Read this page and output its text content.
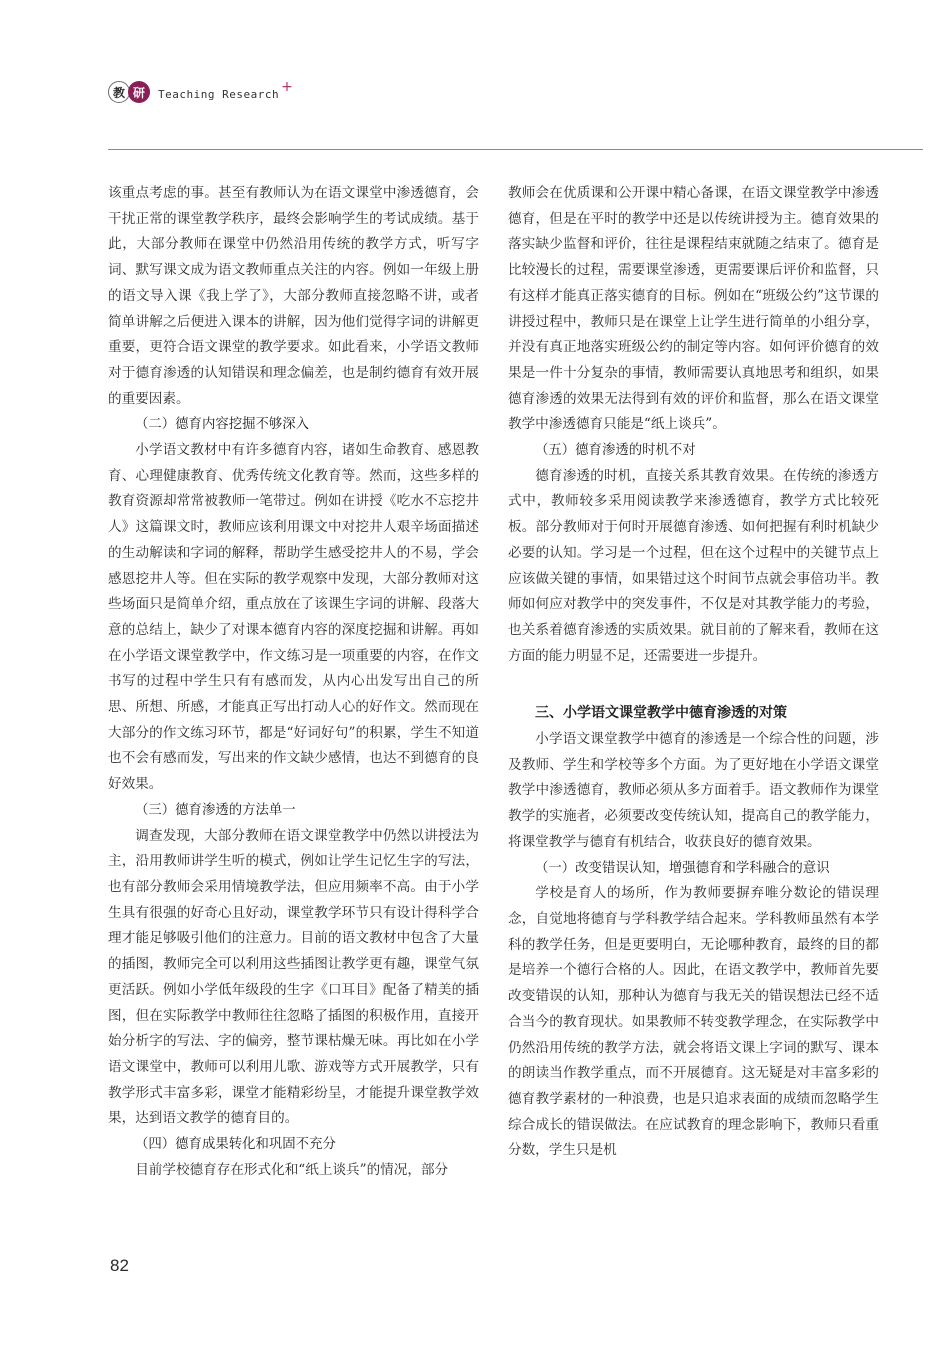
教 研	Teaching Research +

该重点考虑的事。甚至有教师认为在语文课堂中渗透德育，会干扰正常的课堂教学秩序，最终会影响学生的考试成绩。基于此，大部分教师在课堂中仍然沿用传统的教学方式，听写字词、默写课文成为语文教师重点关注的内容。例如一年级上册的语文导入课《我上学了》，大部分教师直接忽略不讲，或者简单讲解之后便进入课本的讲解，因为他们觉得字词的讲解更重要，更符合语文课堂的教学要求。如此看来，小学语文教师对于德育渗透的认知错误和理念偏差，也是制约德育有效开展的重要因素。

（二）德育内容挖掘不够深入

小学语文教材中有许多德育内容，诸如生命教育、感恩教育、心理健康教育、优秀传统文化教育等。然而，这些多样的教育资源却常常被教师一笔带过。例如在讲授《吃水不忘挖井人》这篇课文时，教师应该利用课文中对挖井人艰辛场面描述的生动解读和字词的解释，帮助学生感受挖井人的不易，学会感恩挖井人等。但在实际的教学观察中发现，大部分教师对这些场面只是简单介绍，重点放在了该课生字词的讲解、段落大意的总结上，缺少了对课本德育内容的深度挖掘和讲解。再如在小学语文课堂教学中，作文练习是一项重要的内容，在作文书写的过程中学生只有有感而发，从内心出发写出自己的所思、所想、所感，才能真正写出打动人心的好作文。然而现在大部分的作文练习环节，都是“好词好句”的积累，学生不知道也不会有感而发，写出来的作文缺少感情，也达不到德育的良好效果。

（三）德育渗透的方法单一

调查发现，大部分教师在语文课堂教学中仍然以讲授法为主，沿用教师讲学生听的模式，例如让学生记忆生字的写法，也有部分教师会采用情境教学法，但应用频率不高。由于小学生具有很强的好奇心且好动，课堂教学环节只有设计得科学合理才能足够吸引他们的注意力。目前的语文教材中包含了大量的插图，教师完全可以利用这些插图让教学更有趣，课堂气氛更活跃。例如小学低年级段的生字《口耳目》配备了精美的插图，但在实际教学中教师往往忽略了插图的积极作用，直接开始分析字的写法、字的偏旁，整节课枯燥无味。再比如在小学语文课堂中，教师可以利用儿歌、游戏等方式开展教学，只有教学形式丰富多彩，课堂才能精彩纷呈，才能提升课堂教学效果，达到语文教学的德育目的。

（四）德育成果转化和巩固不充分

目前学校德育存在形式化和“纸上谈兵”的情况，部分

教师会在优质课和公开课中精心备课，在语文课堂教学中渗透德育，但是在平时的教学中还是以传统讲授为主。德育效果的落实缺少监督和评价，往往是课程结束就随之结束了。德育是比较漫长的过程，需要课堂渗透，更需要课后评价和监督，只有这样才能真正落实德育的目标。例如在“班级公约”这节课的讲授过程中，教师只是在课堂上让学生进行简单的小组分享，并没有真正地落实班级公约的制定等内容。如何评价德育的效果是一件十分复杂的事情，教师需要认真地思考和组织，如果德育渗透的效果无法得到有效的评价和监督，那么在语文课堂教学中渗透德育只能是“纸上谈兵”。

（五）德育渗透的时机不对

德育渗透的时机，直接关系其教育效果。在传统的渗透方式中，教师较多采用阅读教学来渗透德育，教学方式比较死板。部分教师对于何时开展德育渗透、如何把握有利时机缺少必要的认知。学习是一个过程，但在这个过程中的关键节点上应该做关键的事情，如果错过这个时间节点就会事倍功半。教师如何应对教学中的突发事件，不仅是对其教学能力的考验，也关系着德育渗透的实质效果。就目前的了解来看，教师在这方面的能力明显不足，还需要进一步提升。

三、小学语文课堂教学中德育渗透的对策

小学语文课堂教学中德育的渗透是一个综合性的问题，涉及教师、学生和学校等多个方面。为了更好地在小学语文课堂教学中渗透德育，教师必须从多方面着手。语文教师作为课堂教学的实施者，必须要改变传统认知，提高自己的教学能力，将课堂教学与德育有机结合，收获良好的德育效果。

（一）改变错误认知，增强德育和学科融合的意识

学校是育人的场所，作为教师要摒弃唯分数论的错误理念，自觉地将德育与学科教学结合起来。学科教师虽然有本学科的教学任务，但是更要明白，无论哪种教育，最终的目的都是培养一个德行合格的人。因此，在语文教学中，教师首先要改变错误的认知，那种认为德育与我无关的错误想法已经不适合当今的教育现状。如果教师不转变教学理念，在实际教学中仍然沿用传统的教学方法，就会将语文课上字词的默写、课本的朗读当作教学重点，而不开展德育。这无疑是对丰富多彩的德育教学素材的一种浪费，也是只追求表面的成绩而忽略学生综合成长的错误做法。在应试教育的理念影响下，教师只看重分数，学生只是机

82
